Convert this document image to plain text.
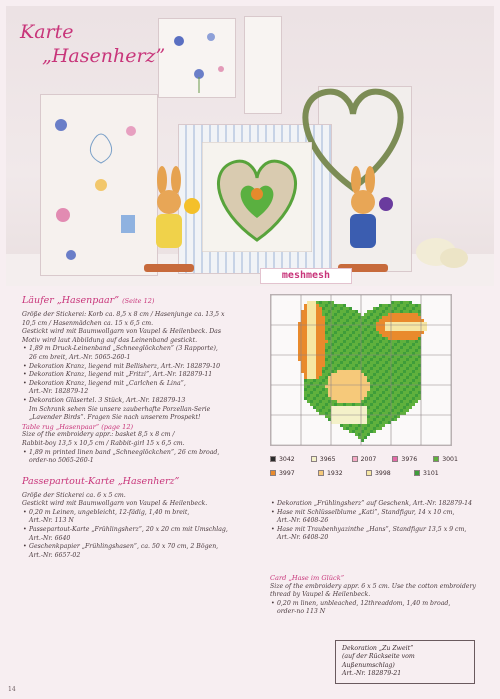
Karte
„Hasenherz”
meshmesh
Läufer „Hasenpaar” (Seite 12)

Größe der Stickerei: Korb ca. 8,5 x 8 cm / Hasenjunge ca. 13,5 x

10,5 cm / Hasenmädchen ca. 15 x 6,5 cm.

Gestickt wird mit Baumwollgarn von Vaupel & Heilenbeck. Das

Motiv wird laut Abbildung auf das Leinenband gestickt.

• 1,89 m Druck-Leinenband „Schneeglöckchen” (3 Rapporte),

26 cm breit, Art.-Nr. 5065-260-1

• Dekoration Kranz, liegend mit Bellisherz, Art.-Nr. 182879-10

• Dekoration Kranz, liegend mit „Fritzi”, Art.-Nr. 182879-11

• Dekoration Kranz, liegend mit „Carlchen & Lina”,

Art.-Nr. 182879-12

• Dekoration Gläsertel. 3 Stück, Art.-Nr. 182879-13

Im Schrank sehen Sie unsere zauberhafte Porzellan-Serie

„Lavender Birds”. Fragen Sie nach unserem Prospekt!

Table rug „Hasenpaar” (page 12)

Size of the embroidery appr.: basket 8,5 x 8 cm /

Rabbit-boy 13,5 x 10,5 cm / Rabbit-girl 15 x 6,5 cm.

• 1,89 m printed linen band „Schneeglöckchen”, 26 cm broad,

order-no 5065-260-1

Passepartout-Karte „Hasenherz”

Größe der Stickerei ca. 6 x 5 cm.

Gestickt wird mit Baumwollgarn von Vaupel & Heilenbeck.

• 0,20 m Leinen, ungebleicht, 12-fädig, 1,40 m breit,

Art.-Nr. 113 N

• Passepartout-Karte „Frühlingsherz”, 20 x 20 cm mit Umschlag,

Art.-Nr. 6640

• Geschenkpapier „Frühlingshasen”, ca. 50 x 70 cm, 2 Bögen,

Art.-Nr. 6657-02

3042	3965	2007	3976	3001
3997	1932	3998	3101

• Dekoration „Frühlingsherz” auf Geschenk, Art.-Nr. 182879-14

• Hase mit Schlüsselblume „Kati”, Standfigur, 14 x 10 cm,

Art.-Nr. 6408-26

• Hase mit Traubenhyazinthe „Hans”, Standfigur 13,5 x 9 cm,

Art.-Nr. 6408-20

Card „Hase im Glück”

Size of the embroidery appr. 6 x 5 cm. Use the cotton embroidery

thread by Vaupel & Heilenbeck.

• 0,20 m linen, unbleached, 12threaddom, 1,40 m broad,

order-no 113 N

Dekoration „Zu Zweit”

(auf der Rückseite vom Außenumschlag)

Art.-Nr. 182879-21

14
